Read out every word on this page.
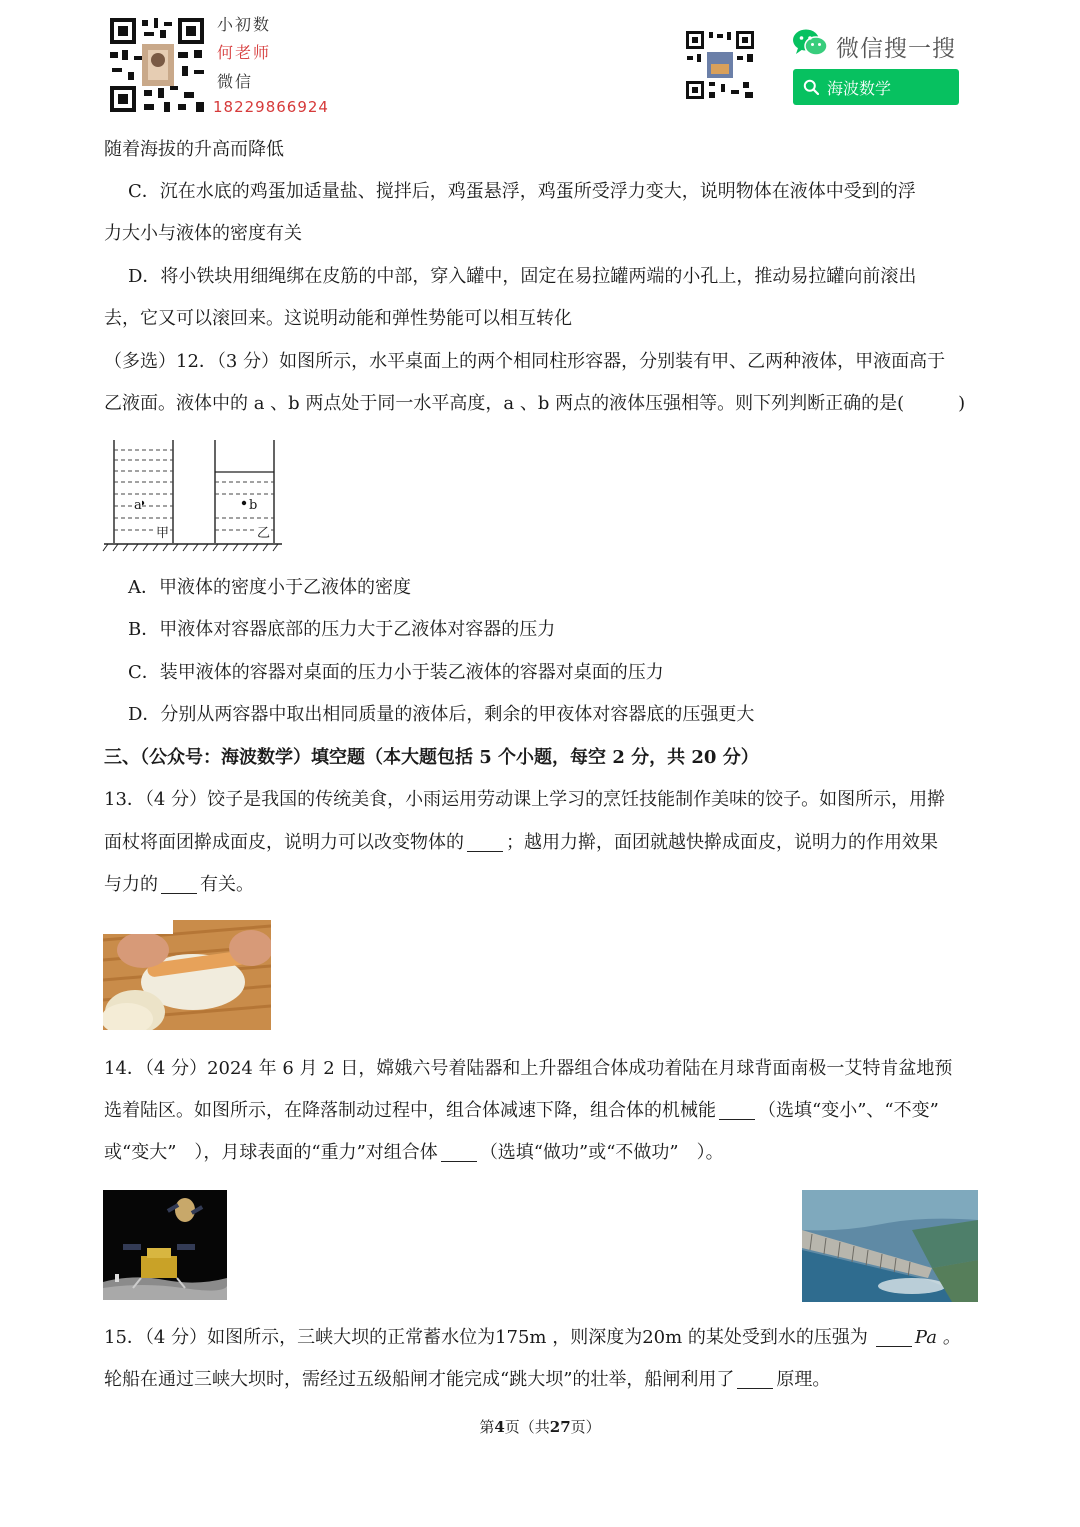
小初数
何老师
微信
18229866924
微信搜一搜
海波数学
随着海拔的升高而降低
C．沉在水底的鸡蛋加适量盐、搅拌后，鸡蛋悬浮，鸡蛋所受浮力变大，说明物体在液体中受到的浮
力大小与液体的密度有关
D．将小铁块用细绳绑在皮筋的中部，穿入罐中，固定在易拉罐两端的小孔上，推动易拉罐向前滚出
去，它又可以滚回来。这说明动能和弹性势能可以相互转化
（多选）12．（3 分）如图所示，水平桌面上的两个相同柱形容器，分别装有甲、乙两种液体，甲液面高于
乙液面。液体中的 a 、b 两点处于同一水平高度，a 、b 两点的液体压强相等。则下列判断正确的是(　　　)
a	b
甲	乙
A．甲液体的密度小于乙液体的密度
B．甲液体对容器底部的压力大于乙液体对容器的压力
C．装甲液体的容器对桌面的压力小于装乙液体的容器对桌面的压力
D．分别从两容器中取出相同质量的液体后，剩余的甲夜体对容器底的压强更大
三、（公众号：海波数学）填空题（本大题包括 5 个小题，每空 2 分，共 20 分）
13．（4 分）饺子是我国的传统美食，小雨运用劳动课上学习的烹饪技能制作美味的饺子。如图所示，用擀
面杖将面团擀成面皮，说明力可以改变物体的 ；越用力擀，面团就越快擀成面皮，说明力的作用效果
与力的 有关。
14．（4 分）2024 年 6 月 2 日，嫦娥六号着陆器和上升器组合体成功着陆在月球背面南极一艾特肯盆地预
选着陆区。如图所示，在降落制动过程中，组合体减速下降，组合体的机械能 （选填“变小”、“不变”
或“变大”　），月球表面的“重力”对组合体 （选填“做功”或“不做功”　）。
15．（4 分）如图所示，三峡大坝的正常蓄水位为175m ，则深度为20m 的某处受到水的压强为	Pa 。
轮船在通过三峡大坝时，需经过五级船闸才能完成“跳大坝”的壮举，船闸利用了 原理。
第4页（共27页）
